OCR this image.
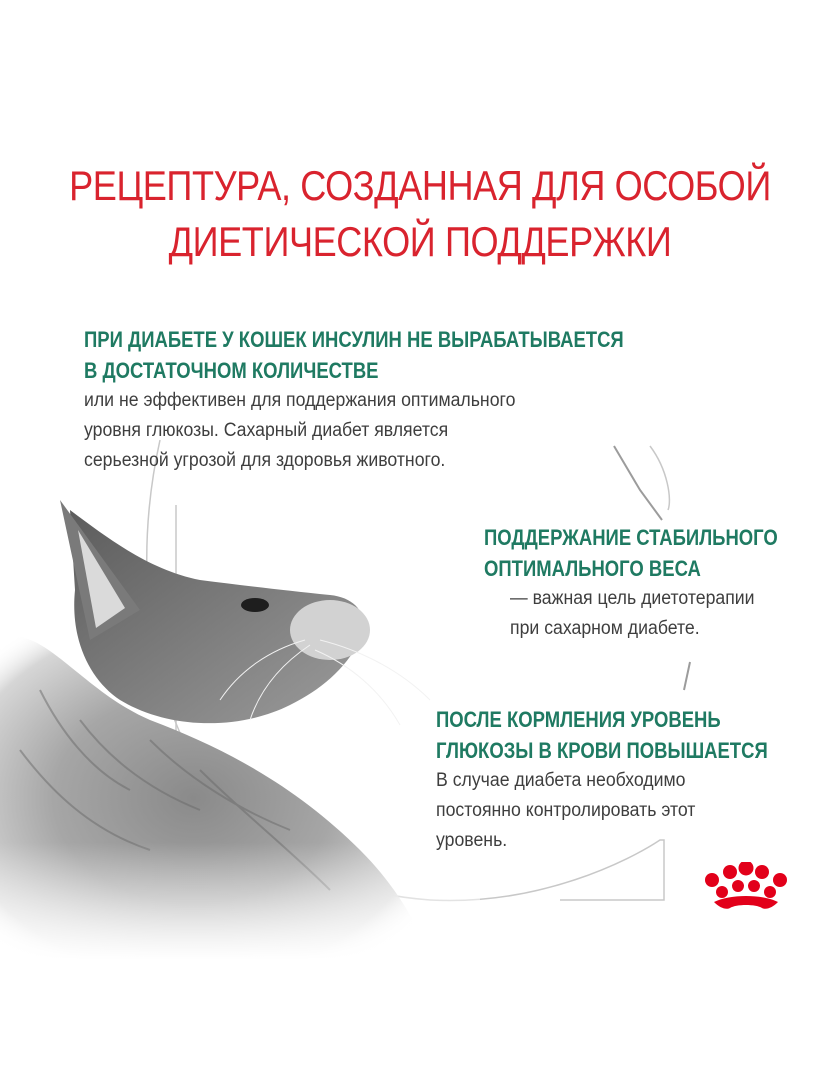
РЕЦЕПТУРА, СОЗДАННАЯ ДЛЯ ОСОБОЙ
ДИЕТИЧЕСКОЙ ПОДДЕРЖКИ
ПРИ ДИАБЕТЕ У КОШЕК ИНСУЛИН НЕ ВЫРАБАТЫВАЕТСЯ
В ДОСТАТОЧНОМ КОЛИЧЕСТВЕ
или не эффективен для поддержания оптимального
уровня глюкозы. Сахарный диабет является
серьезной угрозой для здоровья животного.
ПОДДЕРЖАНИЕ СТАБИЛЬНОГО
ОПТИМАЛЬНОГО ВЕСА
— важная цель диетотерапии
при сахарном диабете.
ПОСЛЕ КОРМЛЕНИЯ УРОВЕНЬ
ГЛЮКОЗЫ В КРОВИ ПОВЫШАЕТСЯ
В случае диабета необходимо
постоянно контролировать этот
уровень.
